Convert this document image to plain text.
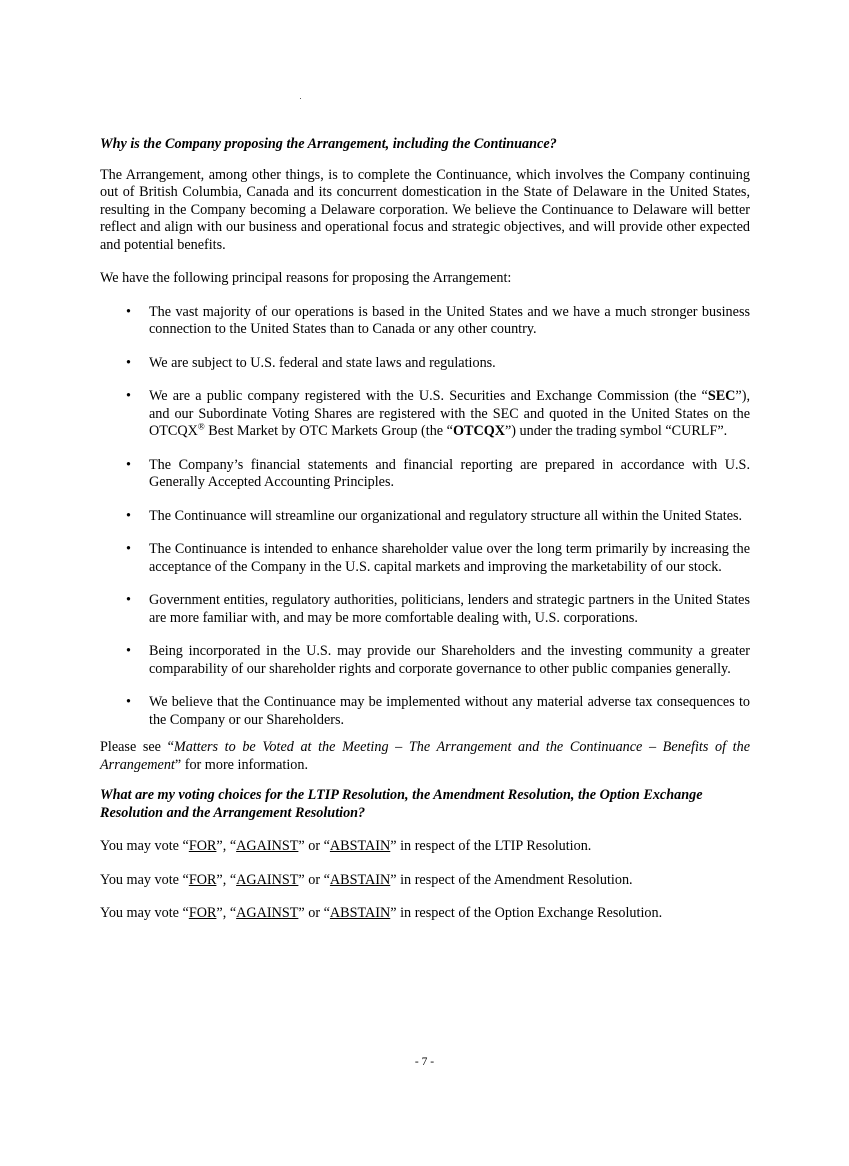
Why is the Company proposing the Arrangement, including the Continuance?
The Arrangement, among other things, is to complete the Continuance, which involves the Company continuing out of British Columbia, Canada and its concurrent domestication in the State of Delaware in the United States, resulting in the Company becoming a Delaware corporation. We believe the Continuance to Delaware will better reflect and align with our business and operational focus and strategic objectives, and will provide other expected and potential benefits.
We have the following principal reasons for proposing the Arrangement:
• The vast majority of our operations is based in the United States and we have a much stronger business connection to the United States than to Canada or any other country.
• We are subject to U.S. federal and state laws and regulations.
• We are a public company registered with the U.S. Securities and Exchange Commission (the “SEC”), and our Subordinate Voting Shares are registered with the SEC and quoted in the United States on the OTCQX® Best Market by OTC Markets Group (the “OTCQX”) under the trading symbol “CURLF”.
• The Company’s financial statements and financial reporting are prepared in accordance with U.S. Generally Accepted Accounting Principles.
• The Continuance will streamline our organizational and regulatory structure all within the United States.
• The Continuance is intended to enhance shareholder value over the long term primarily by increasing the acceptance of the Company in the U.S. capital markets and improving the marketability of our stock.
• Government entities, regulatory authorities, politicians, lenders and strategic partners in the United States are more familiar with, and may be more comfortable dealing with, U.S. corporations.
• Being incorporated in the U.S. may provide our Shareholders and the investing community a greater comparability of our shareholder rights and corporate governance to other public companies generally.
• We believe that the Continuance may be implemented without any material adverse tax consequences to the Company or our Shareholders.
Please see “Matters to be Voted at the Meeting – The Arrangement and the Continuance – Benefits of the Arrangement” for more information.
What are my voting choices for the LTIP Resolution, the Amendment Resolution, the Option Exchange Resolution and the Arrangement Resolution?
You may vote “FOR”, “AGAINST” or “ABSTAIN” in respect of the LTIP Resolution.
You may vote “FOR”, “AGAINST” or “ABSTAIN” in respect of the Amendment Resolution.
You may vote “FOR”, “AGAINST” or “ABSTAIN” in respect of the Option Exchange Resolution.
- 7 -
